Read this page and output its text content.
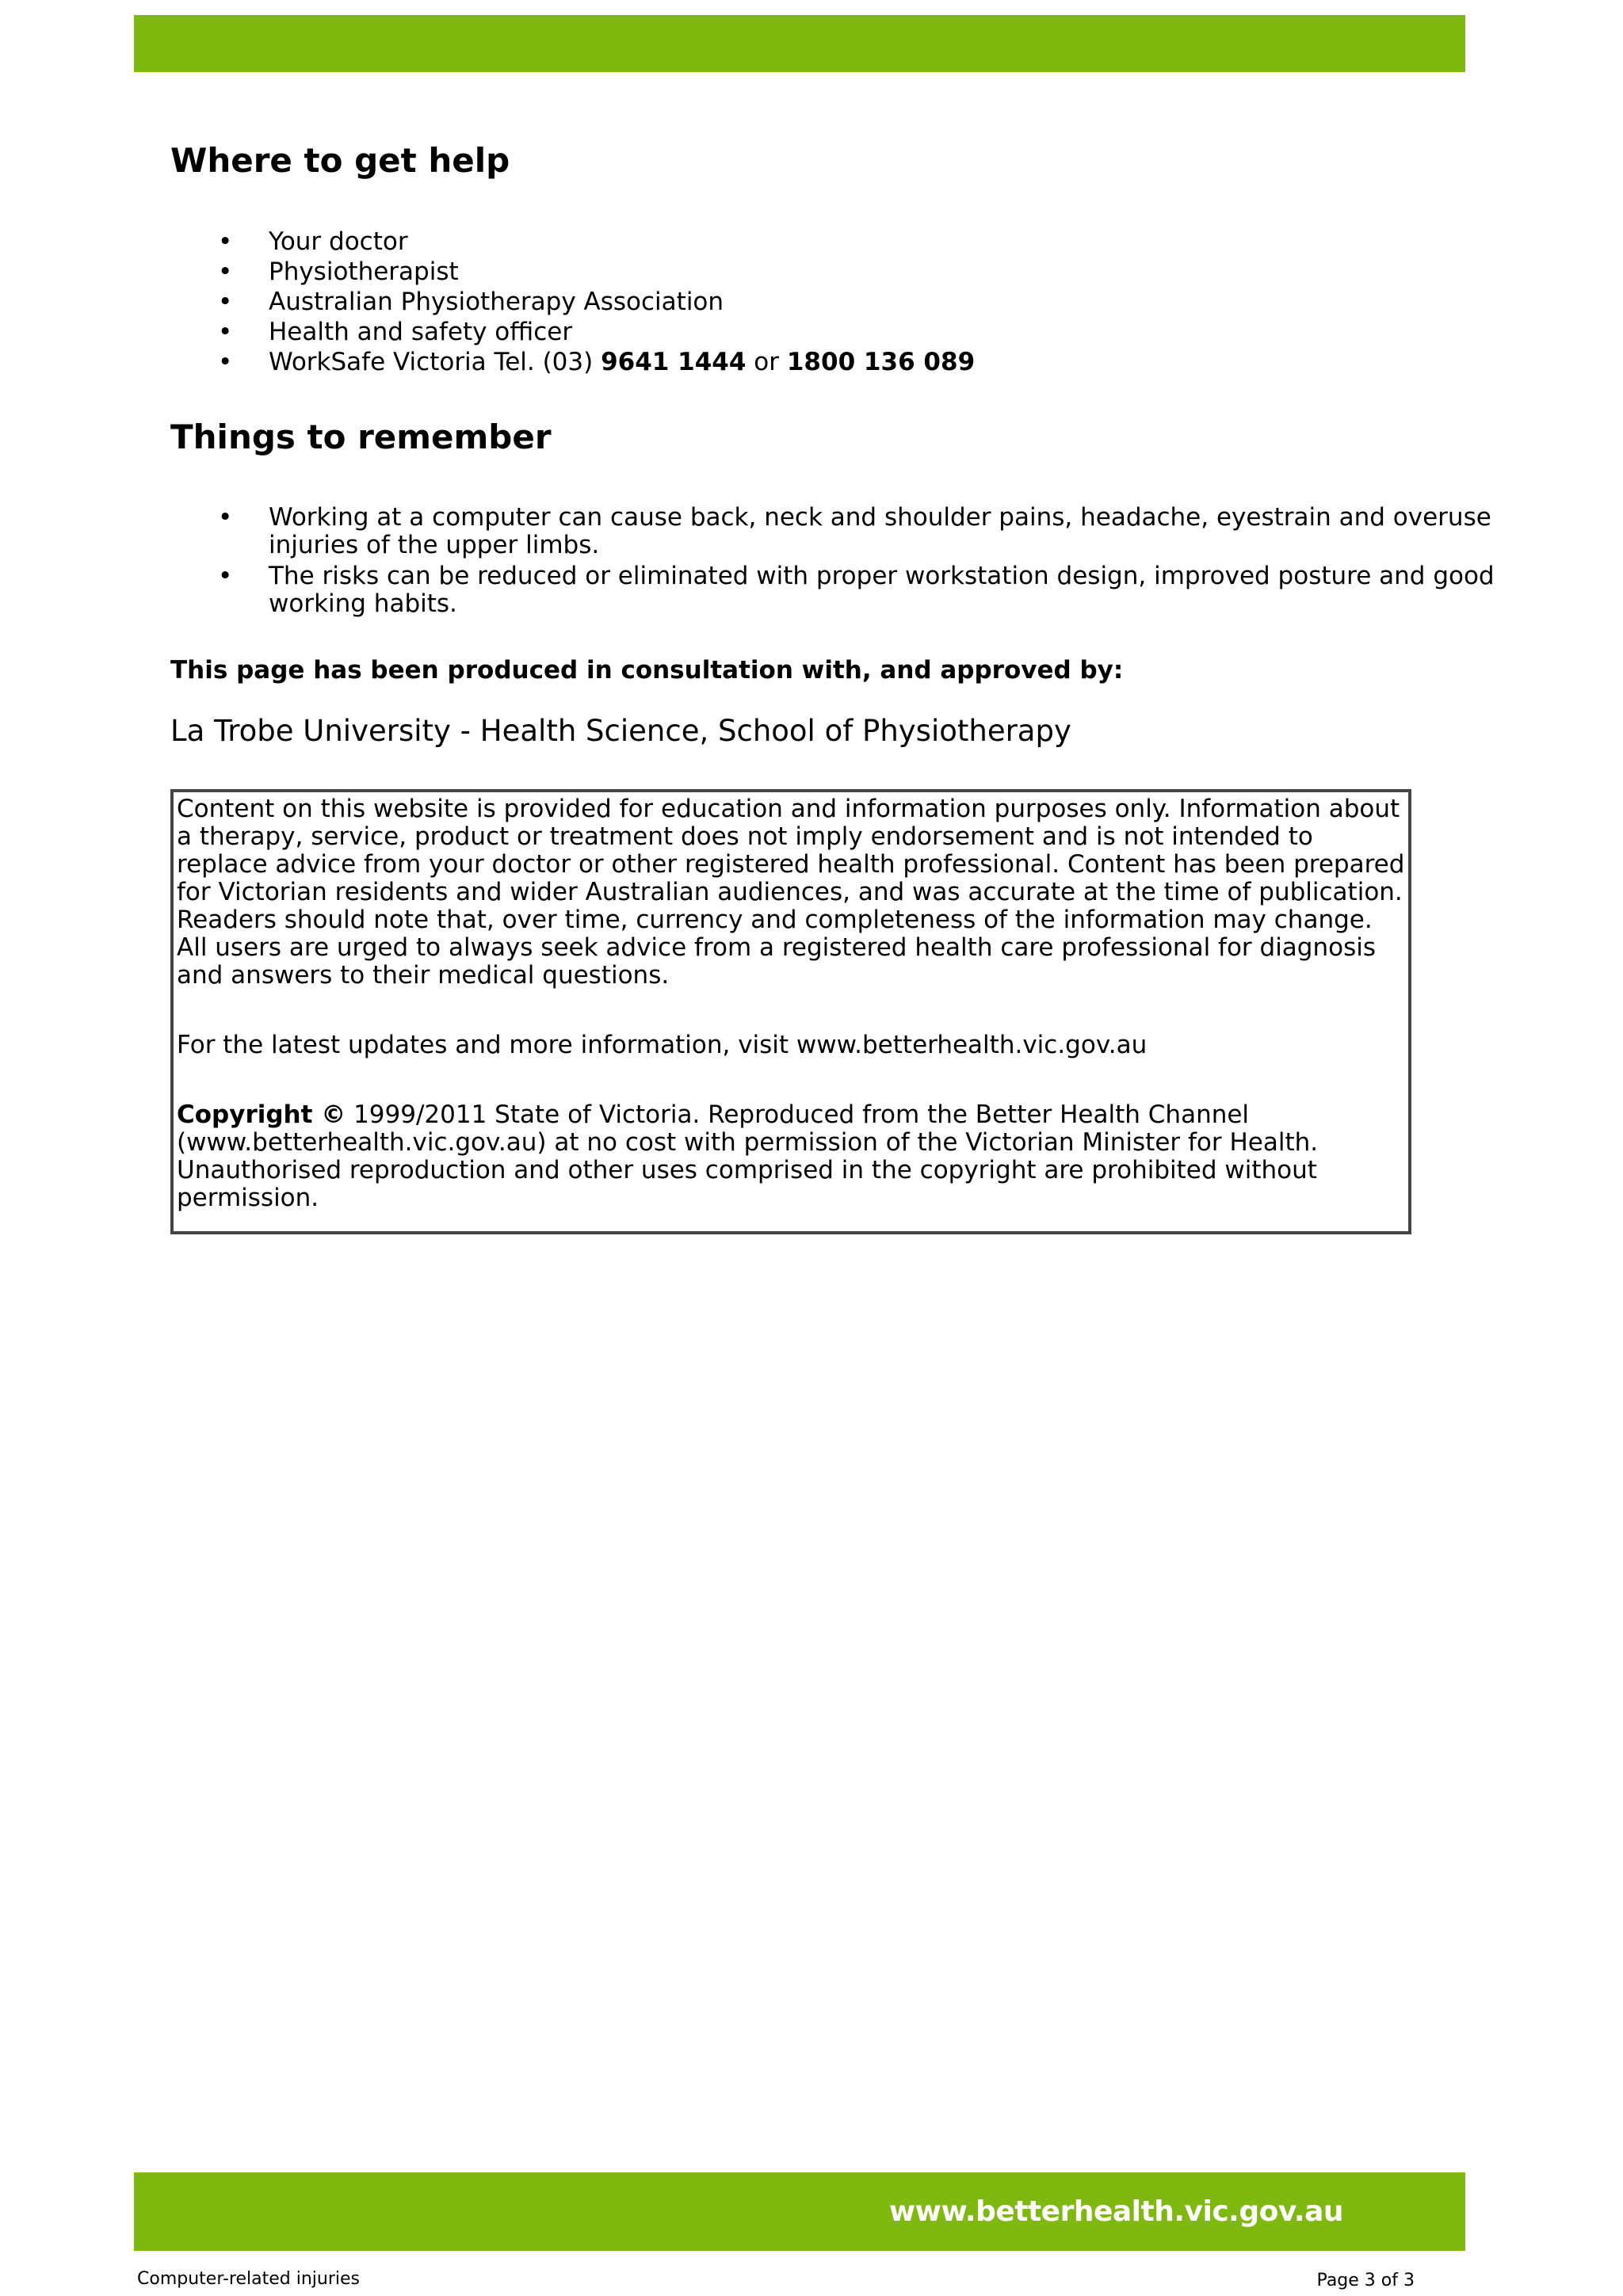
Where to get help
• Your doctor
• Physiotherapist
• Australian Physiotherapy Association
• Health and safety officer
• WorkSafe Victoria Tel. (03) 9641 1444 or 1800 136 089
Things to remember
• Working at a computer can cause back, neck and shoulder pains, headache, eyestrain and overuse injuries of the upper limbs.
• The risks can be reduced or eliminated with proper workstation design, improved posture and good working habits.

This page has been produced in consultation with, and approved by:

La Trobe University - Health Science, School of Physiotherapy

Content on this website is provided for education and information purposes only. Information about a therapy, service, product or treatment does not imply endorsement and is not intended to replace advice from your doctor or other registered health professional. Content has been prepared for Victorian residents and wider Australian audiences, and was accurate at the time of publication. Readers should note that, over time, currency and completeness of the information may change. All users are urged to always seek advice from a registered health care professional for diagnosis and answers to their medical questions.

For the latest updates and more information, visit www.betterhealth.vic.gov.au

Copyright © 1999/2011 State of Victoria. Reproduced from the Better Health Channel (www.betterhealth.vic.gov.au) at no cost with permission of the Victorian Minister for Health. Unauthorised reproduction and other uses comprised in the copyright are prohibited without permission.

www.betterhealth.vic.gov.au
Computer-related injuries	Page 3 of 3
